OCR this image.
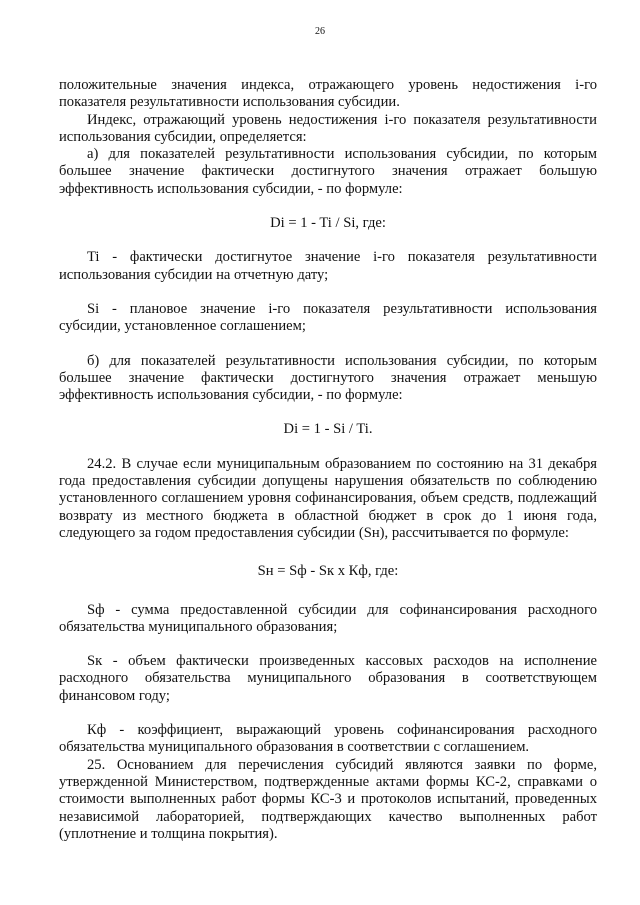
26

положительные значения индекса, отражающего уровень недостижения i-го показателя результативности использования субсидии.

Индекс, отражающий уровень недостижения i-го показателя результативности использования субсидии, определяется:

а) для показателей результативности использования субсидии, по которым большее значение фактически достигнутого значения отражает большую эффективность использования субсидии, - по формуле:

Di = 1 - Ti / Si, где:

Ti - фактически достигнутое значение i-го показателя результативности использования субсидии на отчетную дату;

Si - плановое значение i-го показателя результативности использования субсидии, установленное соглашением;

б) для показателей результативности использования субсидии, по которым большее значение фактически достигнутого значения отражает меньшую эффективность использования субсидии, - по формуле:

Di = 1 - Si / Ti.

24.2. В случае если муниципальным образованием по состоянию на 31 декабря года предоставления субсидии допущены нарушения обязательств по соблюдению установленного соглашением уровня софинансирования, объем средств, подлежащий возврату из местного бюджета в областной бюджет в срок до 1 июня года, следующего за годом предоставления субсидии (Sн), рассчитывается по формуле:

Sн = Sф - Sк х Кф, где:

Sф - сумма предоставленной субсидии для софинансирования расходного обязательства муниципального образования;

Sк - объем фактически произведенных кассовых расходов на исполнение расходного обязательства муниципального образования в соответствующем финансовом году;

Кф - коэффициент, выражающий уровень софинансирования расходного обязательства муниципального образования в соответствии с соглашением.

25. Основанием для перечисления субсидий являются заявки по форме, утвержденной Министерством, подтвержденные актами формы КС-2, справками о стоимости выполненных работ формы КС-3 и протоколов испытаний, проведенных независимой лабораторией, подтверждающих качество выполненных работ (уплотнение и толщина покрытия).
